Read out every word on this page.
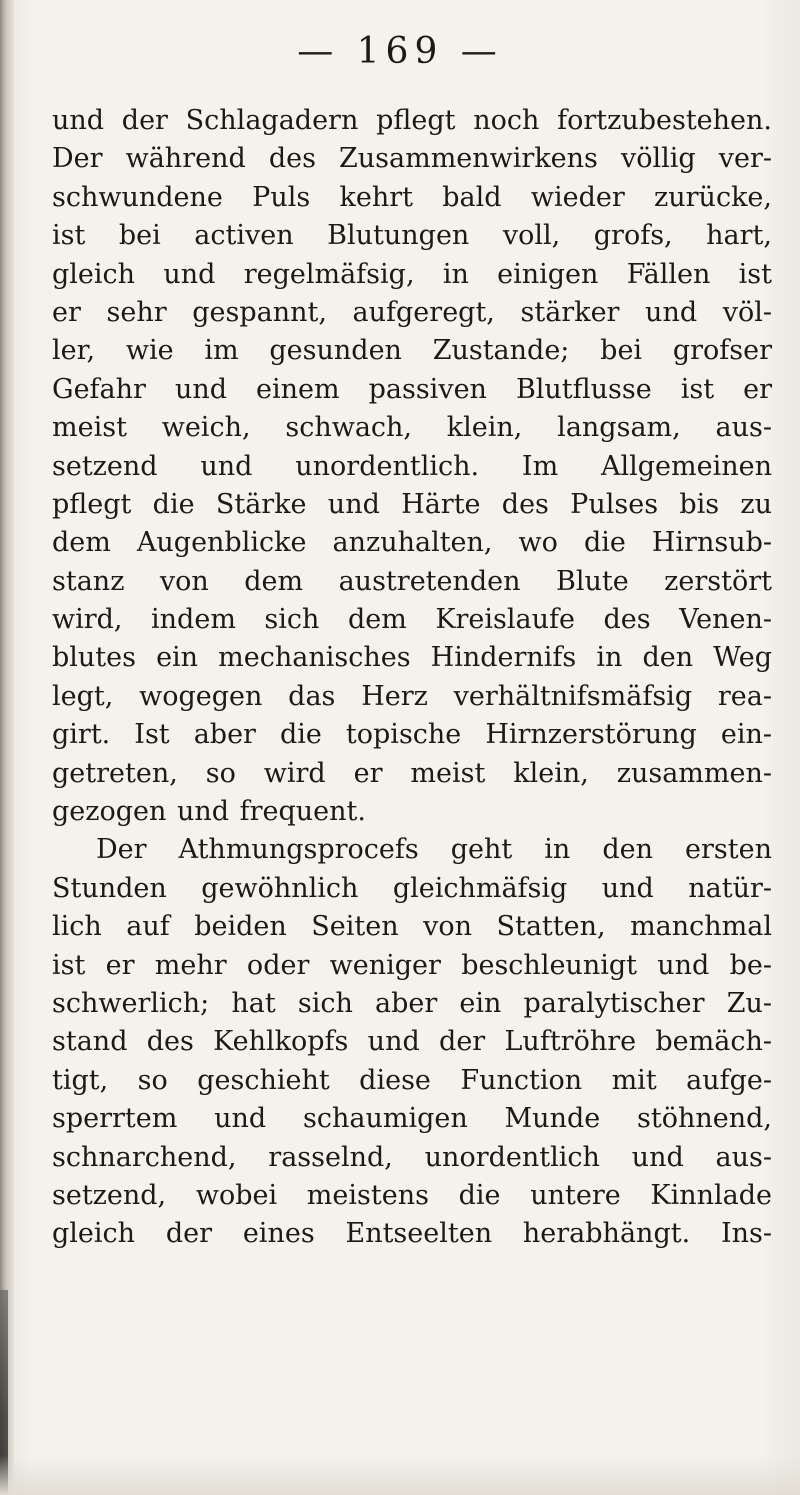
— 169 —
und der Schlagadern pflegt noch fortzubestehen.
Der während des Zusammenwirkens völlig ver-
schwundene Puls kehrt bald wieder zurücke,
ist bei activen Blutungen voll, grofs, hart,
gleich und regelmäfsig, in einigen Fällen ist
er sehr gespannt, aufgeregt, stärker und völ-
ler, wie im gesunden Zustande; bei grofser
Gefahr und einem passiven Blutflusse ist er
meist weich, schwach, klein, langsam, aus-
setzend und unordentlich. Im Allgemeinen
pflegt die Stärke und Härte des Pulses bis zu
dem Augenblicke anzuhalten, wo die Hirnsub-
stanz von dem austretenden Blute zerstört
wird, indem sich dem Kreislaufe des Venen-
blutes ein mechanisches Hindernifs in den Weg
legt, wogegen das Herz verhältnifsmäfsig rea-
girt. Ist aber die topische Hirnzerstörung ein-
getreten, so wird er meist klein, zusammen-
gezogen und frequent.
Der Athmungsprocefs geht in den ersten
Stunden gewöhnlich gleichmäfsig und natür-
lich auf beiden Seiten von Statten, manchmal
ist er mehr oder weniger beschleunigt und be-
schwerlich; hat sich aber ein paralytischer Zu-
stand des Kehlkopfs und der Luftröhre bemäch-
tigt, so geschieht diese Function mit aufge-
sperrtem und schaumigen Munde stöhnend,
schnarchend, rasselnd, unordentlich und aus-
setzend, wobei meistens die untere Kinnlade
gleich der eines Entseelten herabhängt. Ins-
